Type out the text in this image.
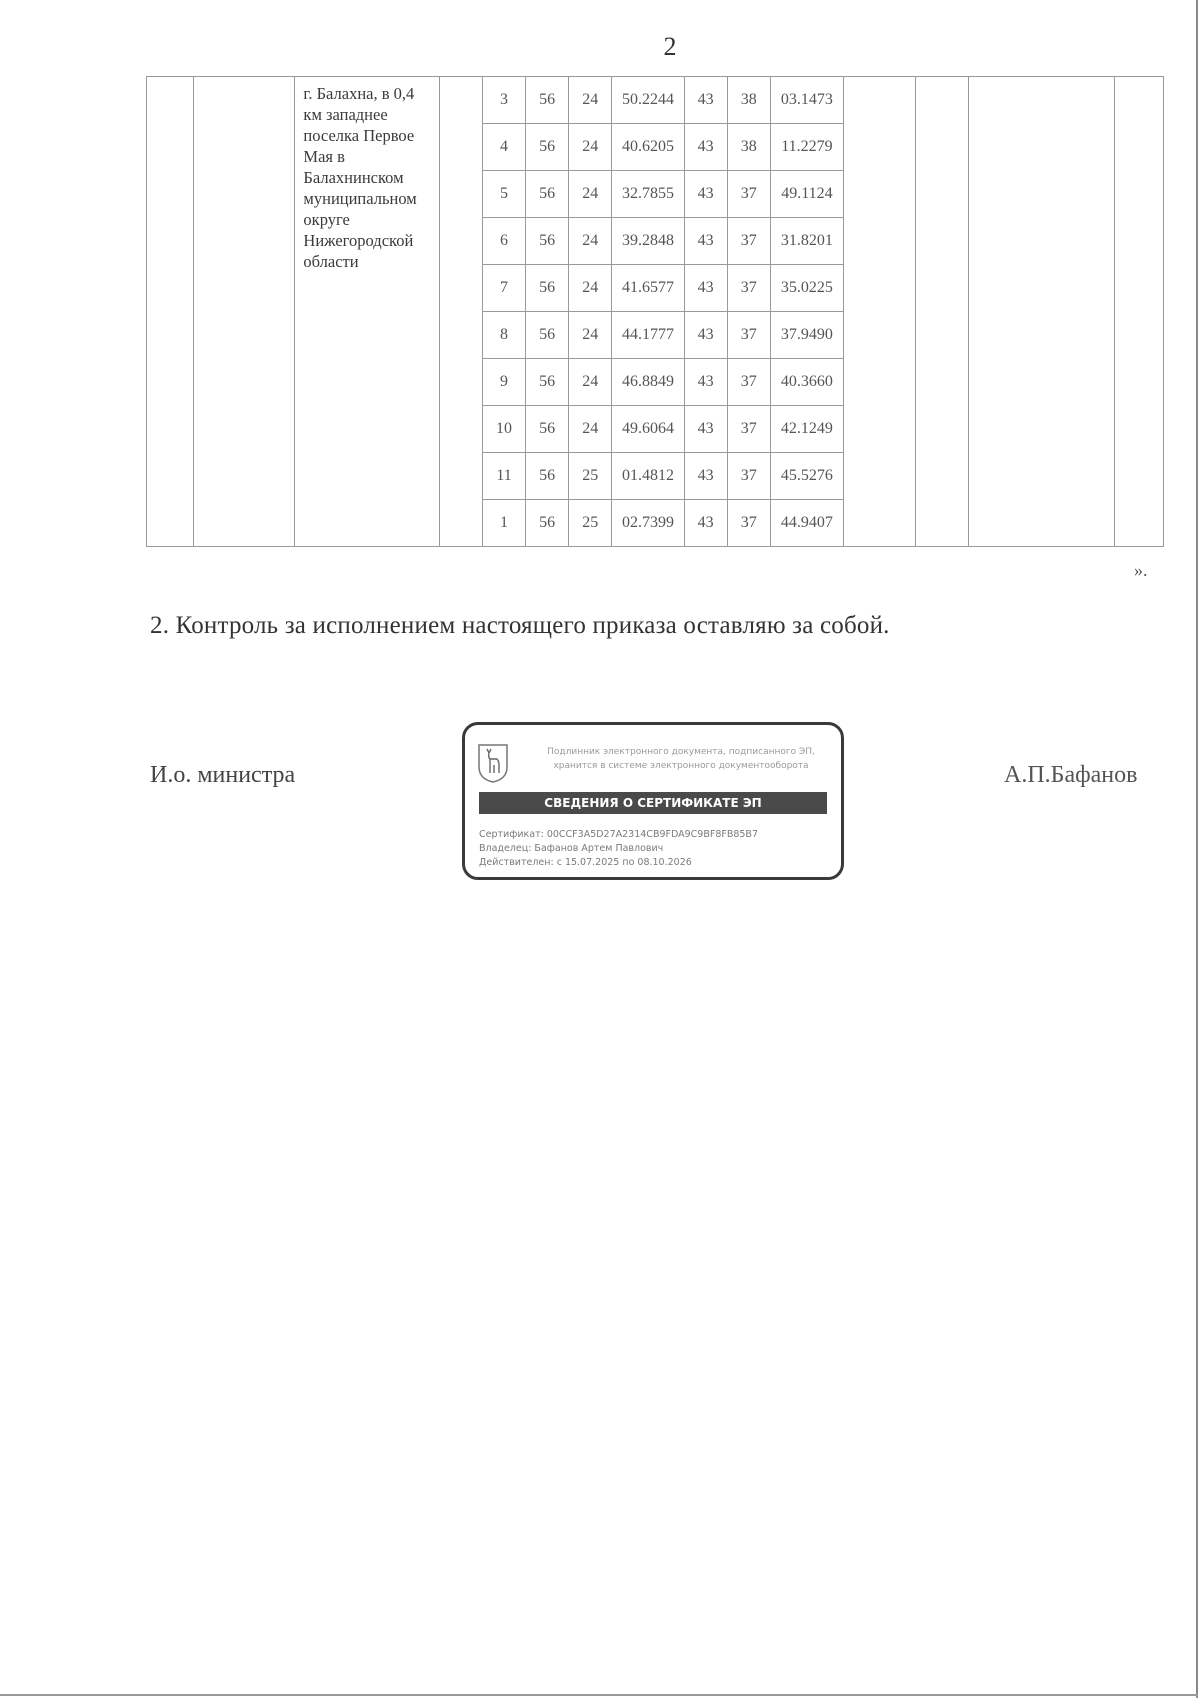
2
		г. Балахна, в 0,4 км западнее поселка Первое Мая в Балахнинском муниципальном округе Нижегородской области		3	56	24	50.2244	43	38	03.1473				
				4	56	24	40.6205	43	38	11.2279				
				5	56	24	32.7855	43	37	49.1124				
				6	56	24	39.2848	43	37	31.8201				
				7	56	24	41.6577	43	37	35.0225				
				8	56	24	44.1777	43	37	37.9490				
				9	56	24	46.8849	43	37	40.3660				
				10	56	24	49.6064	43	37	42.1249				
				11	56	25	01.4812	43	37	45.5276				
				1	56	25	02.7399	43	37	44.9407				
».
2. Контроль за исполнением настоящего приказа оставляю за собой.
И.о. министра	А.П.Бафанов
Подлинник электронного документа, подписанного ЭП,
хранится в системе электронного документооборота
СВЕДЕНИЯ О СЕРТИФИКАТЕ ЭП
Сертификат: 00CCF3A5D27A2314CB9FDA9C9BF8FB85B7
Владелец: Бафанов Артем Павлович
Действителен: с 15.07.2025 по 08.10.2026
